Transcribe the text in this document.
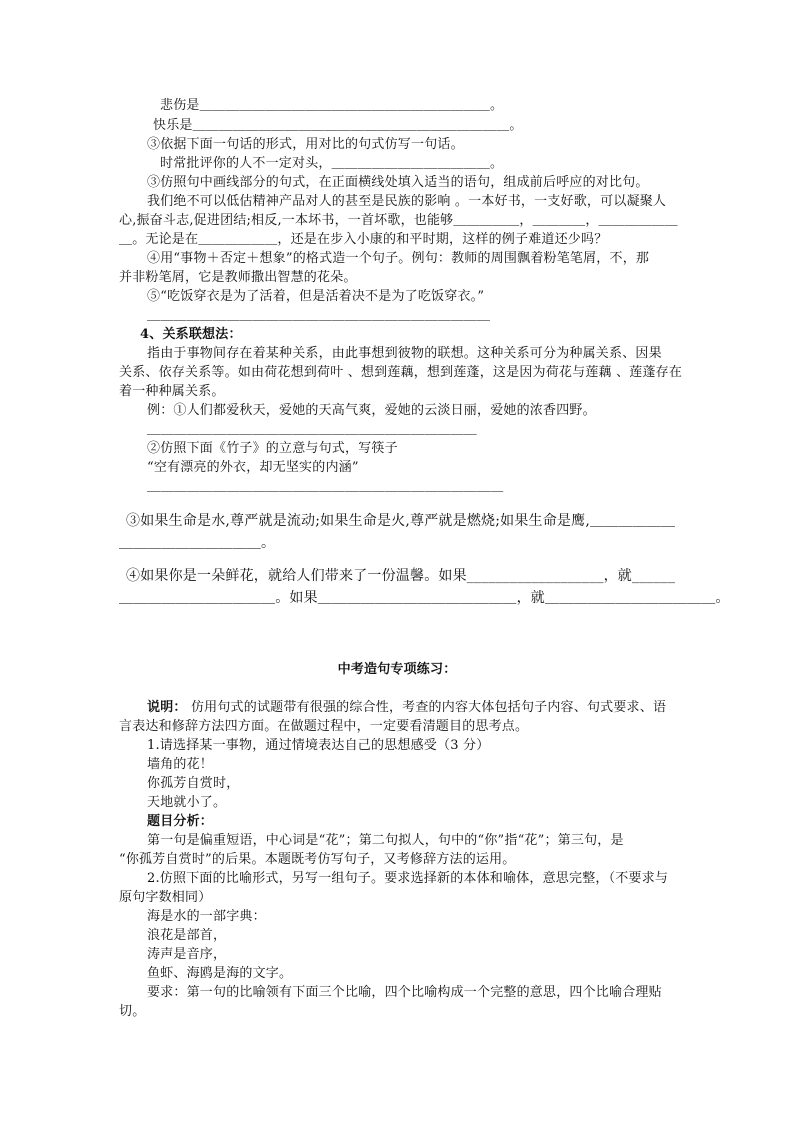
悲伤是＿＿＿＿＿＿＿＿＿＿＿＿＿＿＿＿＿＿＿＿＿＿。
快乐是＿＿＿＿＿＿＿＿＿＿＿＿＿＿＿＿＿＿＿＿＿＿＿＿。
③依据下面一句话的形式，用对比的句式仿写一句话。
时常批评你的人不一定对头，＿＿＿＿＿＿＿＿＿＿＿＿。
③仿照句中画线部分的句式，在正面横线处填入适当的语句，组成前后呼应的对比句。
我们绝不可以低估精神产品对人的甚至是民族的影响 。一本好书，一支好歌，可以凝聚人
心,振奋斗志,促进团结;相反,一本坏书，一首坏歌，也能够＿＿＿＿＿，＿＿＿＿，＿＿＿＿＿＿
＿。无论是在＿＿＿＿＿＿，还是在步入小康的和平时期，这样的例子难道还少吗？
④用“事物＋否定＋想象”的格式造一个句子。例句：教师的周围飘着粉笔笔屑，不，那
并非粉笔屑，它是教师撒出智慧的花朵。
⑤“吃饭穿衣是为了活着，但是活着决不是为了吃饭穿衣。”
＿＿＿＿＿＿＿＿＿＿＿＿＿＿＿＿＿＿＿＿＿＿＿＿＿＿
4、关系联想法：
指由于事物间存在着某种关系，由此事想到彼物的联想。这种关系可分为种属关系、因果
关系、依存关系等。如由荷花想到荷叶 、想到莲藕，想到莲蓬，这是因为荷花与莲藕 、莲蓬存在
着一种种属关系。
例：①人们都爱秋天，爱她的天高气爽，爱她的云淡日丽，爱她的浓香四野。
＿＿＿＿＿＿＿＿＿＿＿＿＿＿＿＿＿＿＿＿＿＿＿＿＿
②仿照下面《竹子》的立意与句式，写筷子
“空有漂亮的外衣，却无坚实的内涵”
＿＿＿＿＿＿＿＿＿＿＿＿＿＿＿＿＿＿＿＿＿＿＿＿＿＿＿
③如果生命是水,尊严就是流动;如果生命是火,尊严就是燃烧;如果生命是鹰,＿＿＿＿＿＿
＿＿＿＿＿＿＿＿＿＿。
④如果你是一朵鲜花，就给人们带来了一份温馨。如果___________________，就______
＿＿＿＿＿＿＿＿＿＿＿。如果＿＿＿＿＿＿＿＿＿＿＿＿＿＿，就＿＿＿＿＿＿＿＿＿＿＿＿。
中考造句专项练习：
说明： 仿用句式的试题带有很强的综合性，考查的内容大体包括句子内容、句式要求、语
言表达和修辞方法四方面。在做题过程中，一定要看清题目的思考点。
1.请选择某一事物，通过情境表达自己的思想感受（3 分）
墙角的花！
你孤芳自赏时，
天地就小了。
题目分析：
第一句是偏重短语，中心词是“花”；第二句拟人，句中的“你”指“花”；第三句，是
“你孤芳自赏时”的后果。本题既考仿写句子，又考修辞方法的运用。
2.仿照下面的比喻形式，另写一组句子。要求选择新的本体和喻体，意思完整，（不要求与
原句字数相同）
海是水的一部字典：
浪花是部首，
涛声是音序，
鱼虾、海鸥是海的文字。
要求：第一句的比喻领有下面三个比喻，四个比喻构成一个完整的意思，四个比喻合理贴
切。
